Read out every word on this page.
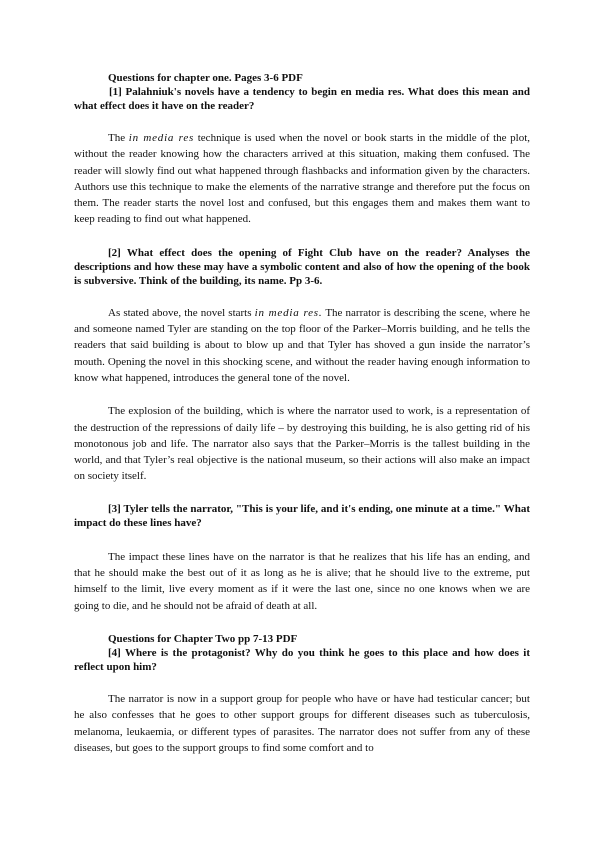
Questions for chapter one. Pages 3-6 PDF

[1] Palahniuk's novels have a tendency to begin en media res. What does this mean and what effect does it have on the reader?

The in media res technique is used when the novel or book starts in the middle of the plot, without the reader knowing how the characters arrived at this situation, making them confused. The reader will slowly find out what happened through flashbacks and information given by the characters. Authors use this technique to make the elements of the narrative strange and therefore put the focus on them. The reader starts the novel lost and confused, but this engages them and makes them want to keep reading to find out what happened.

[2] What effect does the opening of Fight Club have on the reader? Analyses the descriptions and how these may have a symbolic content and also of how the opening of the book is subversive. Think of the building, its name. Pp 3-6.

As stated above, the novel starts in media res. The narrator is describing the scene, where he and someone named Tyler are standing on the top floor of the Parker–Morris building, and he tells the readers that said building is about to blow up and that Tyler has shoved a gun inside the narrator’s mouth. Opening the novel in this shocking scene, and without the reader having enough information to know what happened, introduces the general tone of the novel.

The explosion of the building, which is where the narrator used to work, is a representation of the destruction of the repressions of daily life – by destroying this building, he is also getting rid of his monotonous job and life. The narrator also says that the Parker–Morris is the tallest building in the world, and that Tyler’s real objective is the national museum, so their actions will also make an impact on society itself.

[3] Tyler tells the narrator, "This is your life, and it's ending, one minute at a time." What impact do these lines have?

The impact these lines have on the narrator is that he realizes that his life has an ending, and that he should make the best out of it as long as he is alive; that he should live to the extreme, put himself to the limit, live every moment as if it were the last one, since no one knows when we are going to die, and he should not be afraid of death at all.

Questions for Chapter Two pp 7-13 PDF

[4] Where is the protagonist? Why do you think he goes to this place and how does it reflect upon him?

The narrator is now in a support group for people who have or have had testicular cancer; but he also confesses that he goes to other support groups for different diseases such as tuberculosis, melanoma, leukaemia, or different types of parasites. The narrator does not suffer from any of these diseases, but goes to the support groups to find some comfort and to
